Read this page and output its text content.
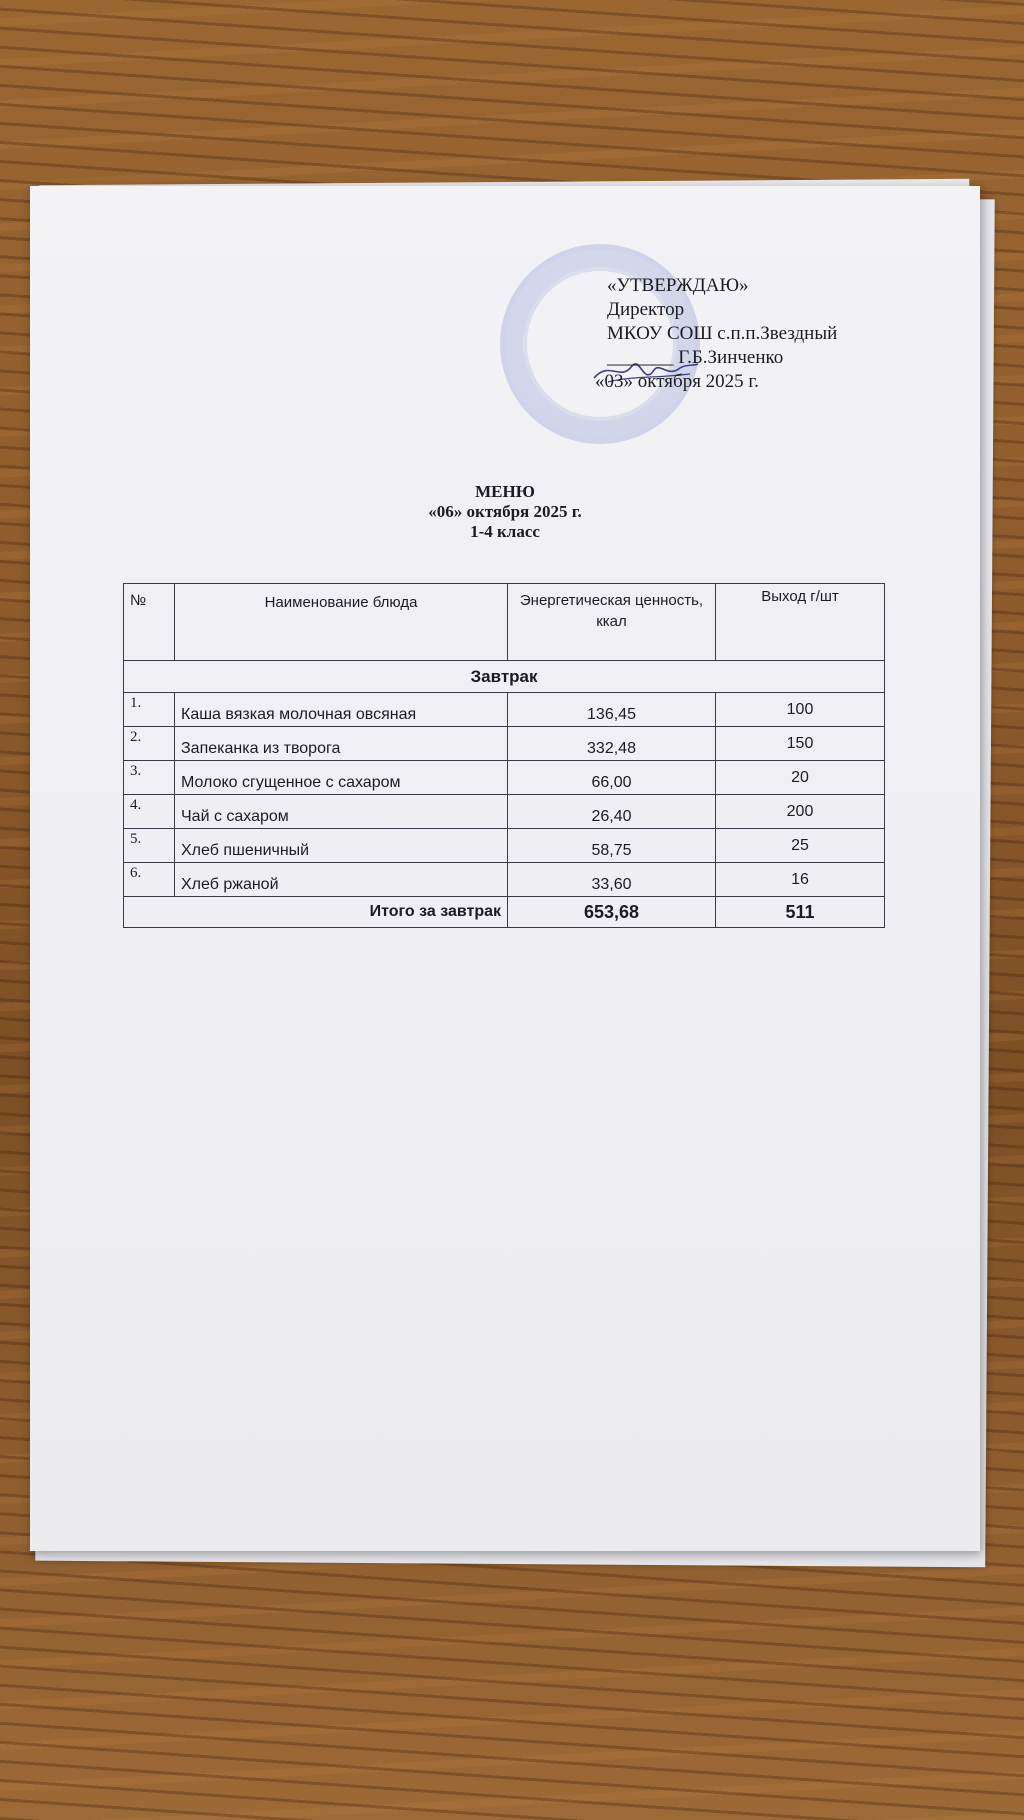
«УТВЕРЖДАЮ»
Директор
МКОУ СОШ с.п.п.Звездный
_______ Г.Б.Зинченко
«03» октября 2025 г.
МЕНЮ
«06» октября 2025 г.
1-4 класс
№	Наименование блюда	Энергетическая ценность, ккал	Выход г/шт
Завтрак			
1.	Каша вязкая молочная овсяная	136,45	100
2.	Запеканка из творога	332,48	150
3.	Молоко сгущенное с сахаром	66,00	20
4.	Чай с сахаром	26,40	200
5.	Хлеб пшеничный	58,75	25
6.	Хлеб ржаной	33,60	16
Итого за завтрак		653,68	511
